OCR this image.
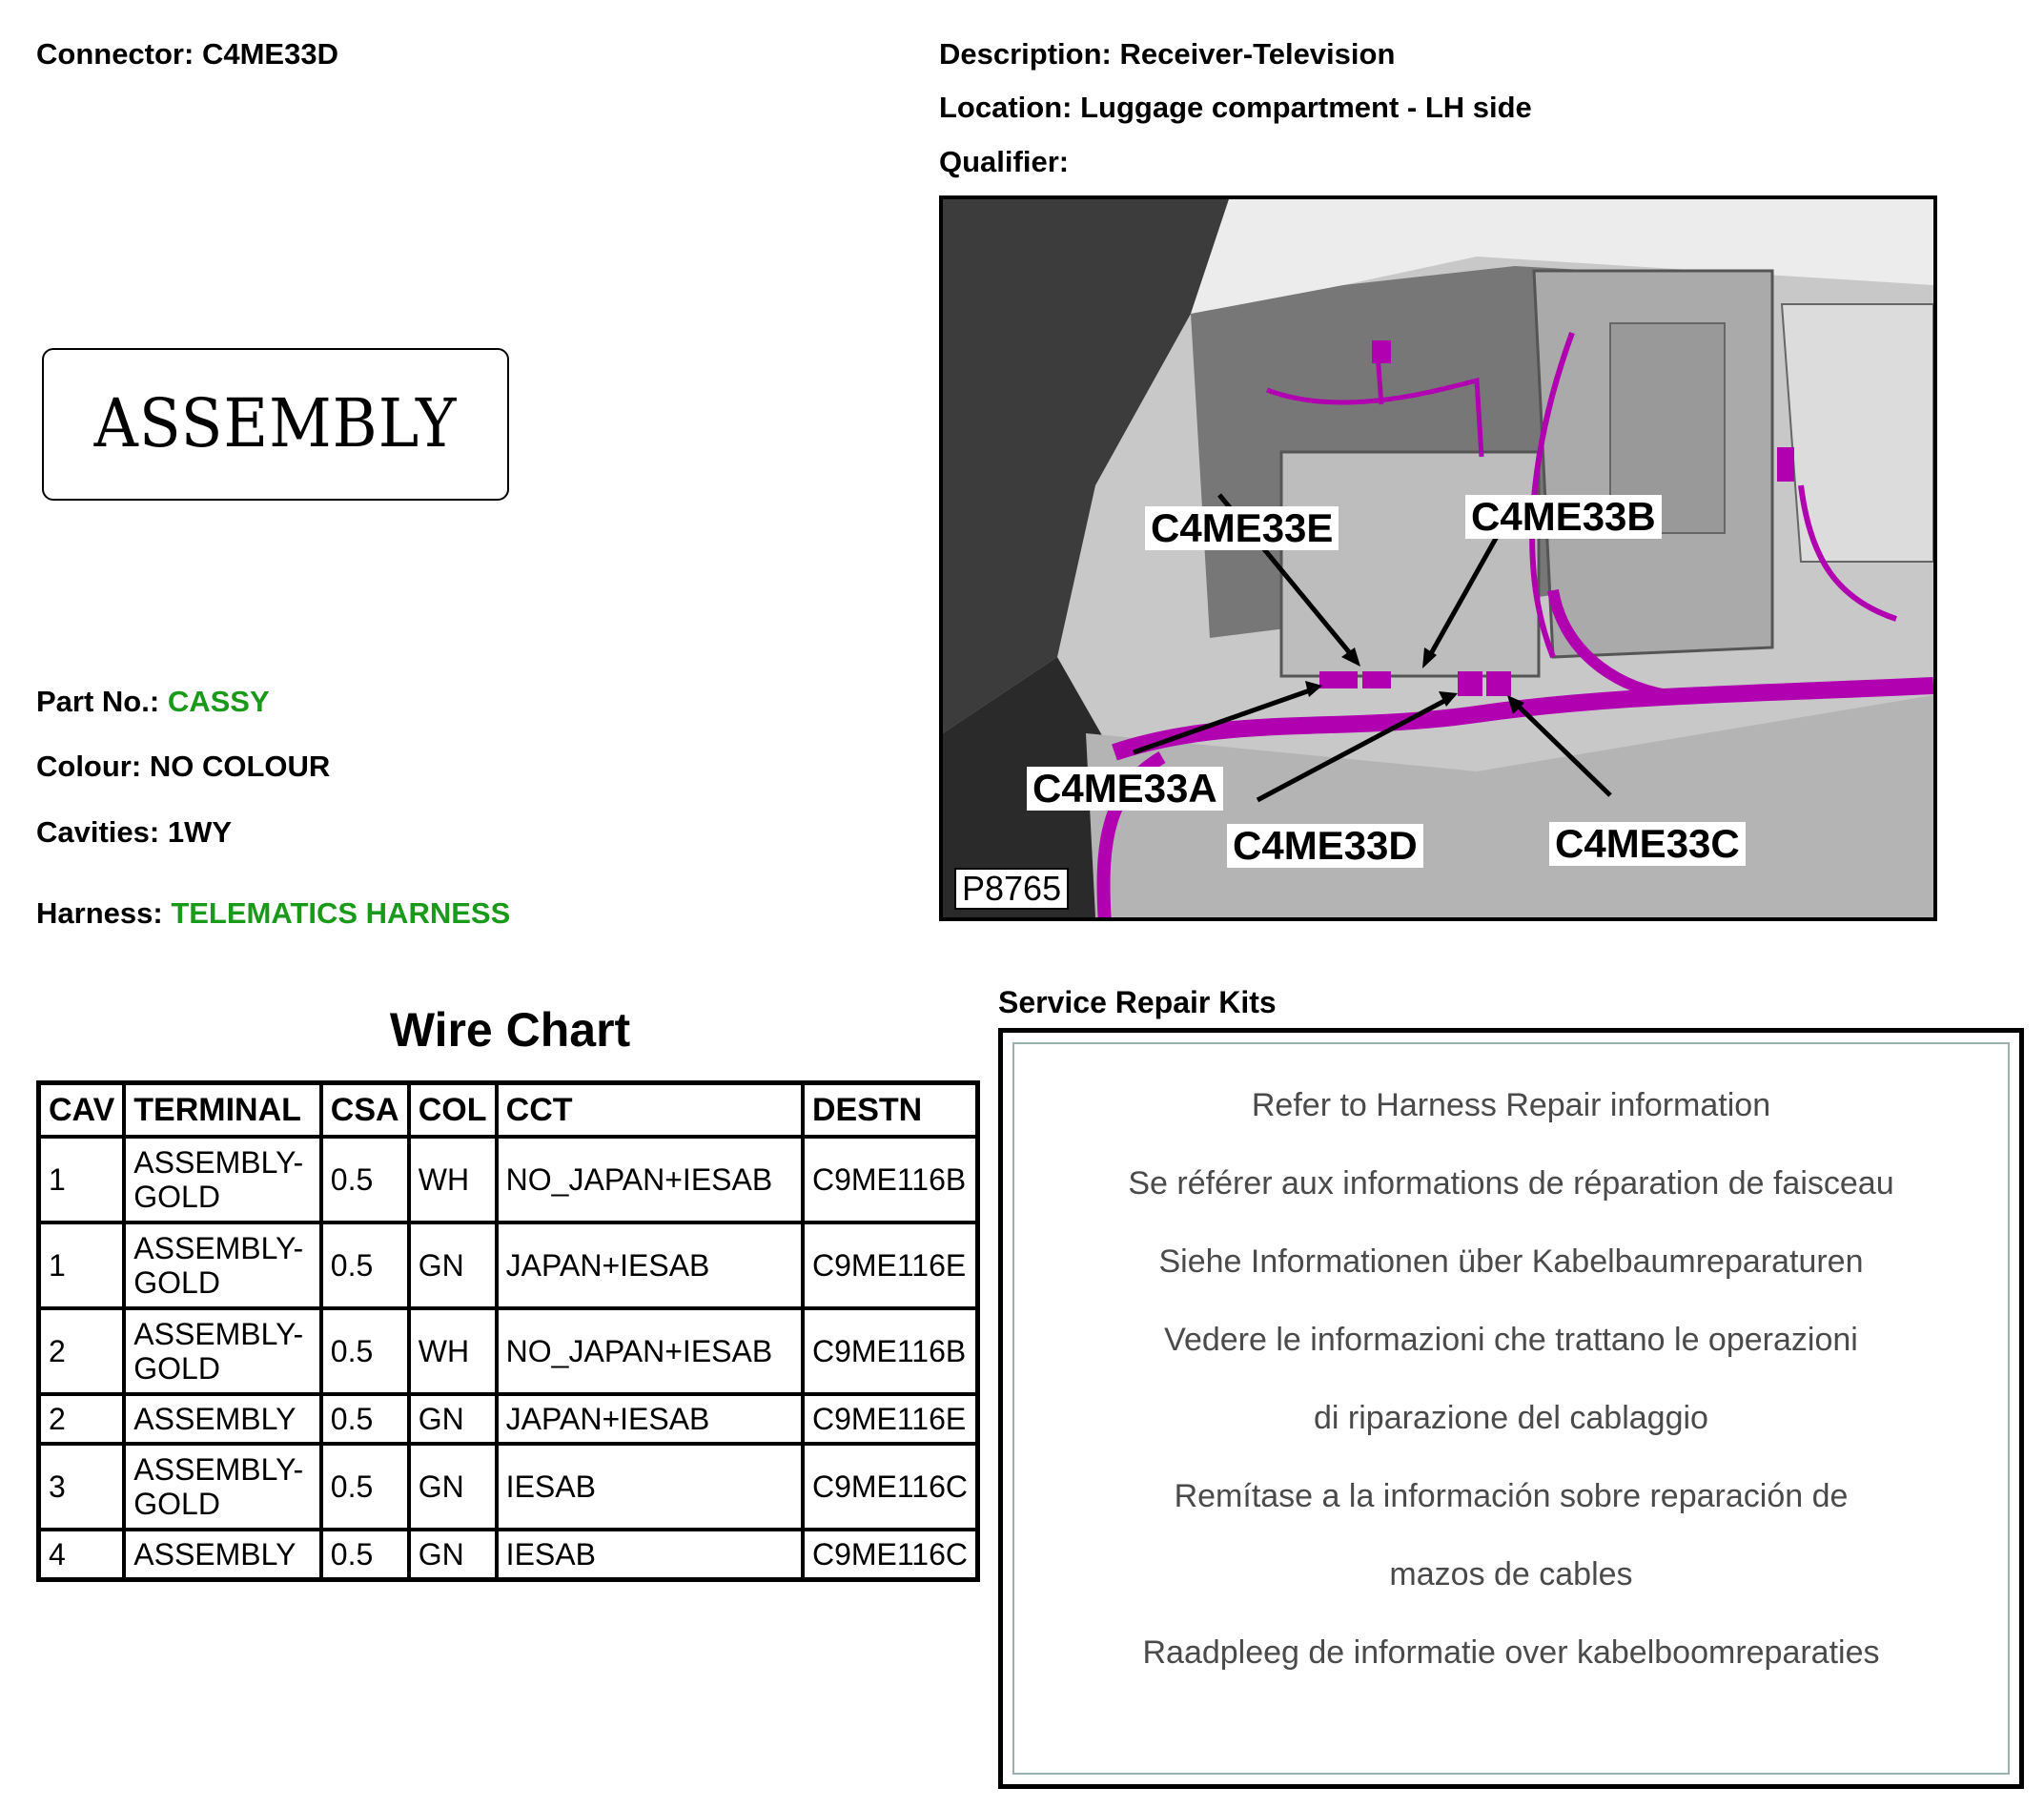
Connector: C4ME33D	Description: Receiver-Television
Location: Luggage compartment - LH side
Qualifier:
ASSEMBLY
Part No.: CASSY
Colour: NO COLOUR
Cavities: 1WY
Harness: TELEMATICS HARNESS
C4ME33E	C4ME33B
C4ME33A
C4ME33D	C4ME33C
P8765
Wire Chart
CAV	TERMINAL	CSA	COL	CCT	DESTN
1	ASSEMBLY-GOLD	0.5	WH	NO_JAPAN+IESAB	C9ME116B
1	ASSEMBLY-GOLD	0.5	GN	JAPAN+IESAB	C9ME116E
2	ASSEMBLY-GOLD	0.5	WH	NO_JAPAN+IESAB	C9ME116B
2	ASSEMBLY	0.5	GN	JAPAN+IESAB	C9ME116E
3	ASSEMBLY-GOLD	0.5	GN	IESAB	C9ME116C
4	ASSEMBLY	0.5	GN	IESAB	C9ME116C
Service Repair Kits
Refer to Harness Repair information
Se référer aux informations de réparation de faisceau
Siehe Informationen über Kabelbaumreparaturen
Vedere le informazioni che trattano le operazioni
di riparazione del cablaggio
Remítase a la información sobre reparación de
mazos de cables
Raadpleeg de informatie over kabelboomreparaties
